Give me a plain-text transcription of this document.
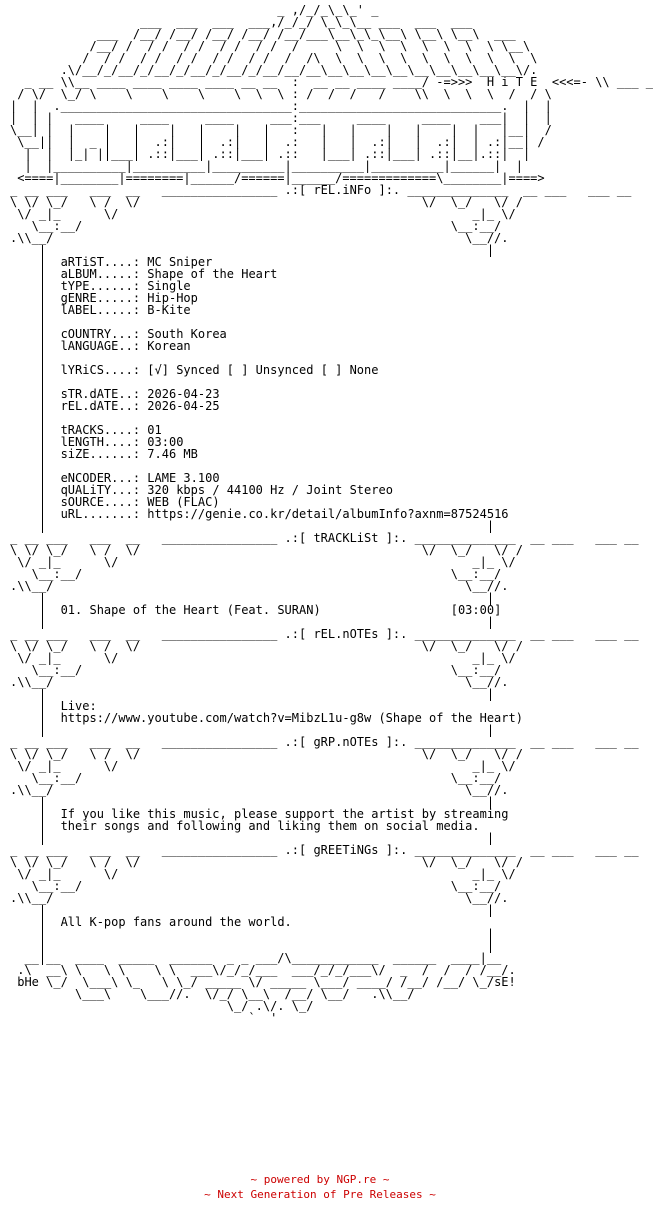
_ ,/_/_\_\_' _
___  ___  ___  ___,/_/_/ \_\_\__ ___  ___  ___
___  /__/ /__/ /__/ /__/ /__/___\__\_\_\__\ \__\ \__\  ___
/__/ /  / /  / /  / /  / /  /     \  \  \  \  \  \  \  \ \__\
/  / /  / /  / /  / /  / /  /  /\  \  \  \  \  \  \  \  \  \  \
.\/__/_/__/_/__/_/__/_/__/_/__/__/__\__\__\__\__\__\__\__\__\__\/.
_ __ \\__ ____ ____ ____ ____ __ __  :  __ __ ____ ____/ -=>>>  H i T E  <<<=- \\ ___ _
/ \/  \_/ \    \    \    \    \  \  \ : /  /  /   /    \\  \  \  \  /  / \
|  |  .________________________________:____________________________.  |  |
|  | |   ____     ____     ____     ___:___     ____     ____    ___|  |  |
\__| |  |    |   |    |   |    |   |   :   |   |    |   |    |  |   |__|  /
\__||  |  _ |   |  .:|   |  .:|   |  .:   |   |  .:|   |  .:|  | .:|__| /
|  |  |_| ||___| .::|___| .::|___| .::   |___| .::|___| .::|__|.::|  |
|  |__________|__________|__________|__________|__________|______|  |
<====|________|========|______/======|______/=============\________|====>
_ __ ___   ___  __   ________________ .:[ rEL.iNFo ]:. ______________  __ ___   ___ __
\ \/ \_/   \ /  \/                                       \/  \_/   \/ /
\/ _|_      \/                                                 _|_ \/
\__:__/                                                   \__:__/
.\\__/                                                         \__//.
|                                                             |
|  aRTiST....: MC Sniper
|  aLBUM.....: Shape of the Heart
|  tYPE......: Single
|  gENRE.....: Hip-Hop
|  lABEL.....: B-Kite
|
|  cOUNTRY...: South Korea
|  lANGUAGE..: Korean
|
|  lYRiCS....: [√] Synced [ ] Unsynced [ ] None
|
|  sTR.dATE..: 2026-04-23
|  rEL.dATE..: 2026-04-25
|
|  tRACKS....: 01
|  lENGTH....: 03:00
|  siZE......: 7.46 MB
|
|  eNCODER...: LAME 3.100
|  qUALiTY...: 320 kbps / 44100 Hz / Joint Stereo
|  sOURCE....: WEB (FLAC)
|  uRL.......: https://genie.co.kr/detail/albumInfo?axnm=87524516
|                                                             |
_ __ ___   ___  __   ________________ .:[ tRACKLiSt ]:. ______________  __ ___   ___ __
\ \/ \_/   \ /  \/                                       \/  \_/   \/ /
\/ _|_      \/                                                 _|_ \/
\__:__/                                                   \__:__/
.\\__/                                                         \__//.
|                                                             |
|  01. Shape of the Heart (Feat. SURAN)	[03:00]
|                                                             |
_ __ ___   ___  __   ________________ .:[ rEL.nOTEs ]:. ______________  __ ___   ___ __
\ \/ \_/   \ /  \/                                       \/  \_/   \/ /
\/ _|_      \/                                                 _|_ \/
\__:__/                                                   \__:__/
.\\__/                                                         \__//.
|                                                             |
|  Live:
|  https://www.youtube.com/watch?v=MibzL1u-g8w (Shape of the Heart)
|                                                             |
_ __ ___   ___  __   ________________ .:[ gRP.nOTEs ]:. ______________  __ ___   ___ __
\ \/ \_/   \ /  \/                                       \/  \_/   \/ /
\/ _|_      \/                                                 _|_ \/
\__:__/                                                   \__:__/
.\\__/                                                         \__//.
|                                                             |
|  If you like this music, please support the artist by streaming
|  their songs and following and liking them on social media.
|                                                             |
_ __ ___   ___  __   ________________ .:[ gREETiNGs ]:. ______________  __ ___   ___ __
\ \/ \_/   \ /  \/                                       \/  \_/   \/ /
\/ _|_      \/                                                 _|_ \/
\__:__/                                                   \__:__/
.\\__/                                                         \__//.
|                                                             |
|  All K-pop fans around the world.
|                                                             |
|                                                             |
__|__  ____  _____  ______  _ _ ___/\____________  ______  ____|__
.\  __\ \   \ \    \ \  ___\/_/_/___  ___/_/_/___\/  _  /  /  / /__/.
bHe \_/  \___\ \_   \ \_/ _____ \/ _____ \___/ ____/ /__/ /__/ \_/sE!
\___\    \___//.  \/_/ \__\  /__/ \__/   .\\__/
\_/ .\/. \_/
`  '
~ powered by NGP.re ~
~ Next Generation of Pre Releases ~
